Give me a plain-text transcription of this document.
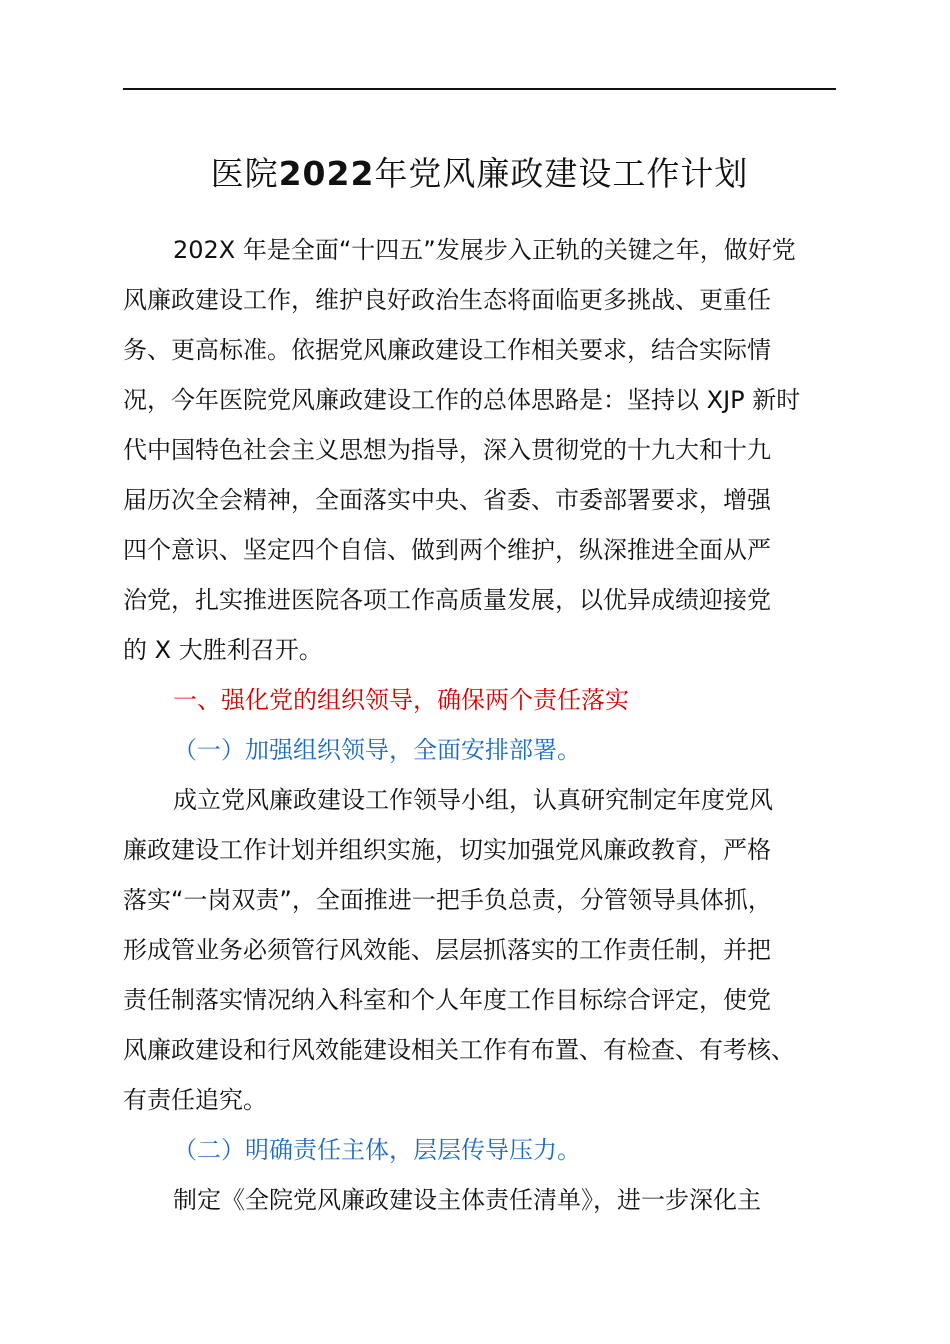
医院2022年党风廉政建设工作计划
202X 年是全面“十四五”发展步入正轨的关键之年，做好党
风廉政建设工作，维护良好政治生态将面临更多挑战、更重任
务、更高标准。依据党风廉政建设工作相关要求，结合实际情
况，今年医院党风廉政建设工作的总体思路是：坚持以 XJP 新时
代中国特色社会主义思想为指导，深入贯彻党的十九大和十九
届历次全会精神，全面落实中央、省委、市委部署要求，增强
四个意识、坚定四个自信、做到两个维护，纵深推进全面从严
治党，扎实推进医院各项工作高质量发展，以优异成绩迎接党
的 X 大胜利召开。
一、强化党的组织领导，确保两个责任落实
（一）加强组织领导，全面安排部署。
成立党风廉政建设工作领导小组，认真研究制定年度党风
廉政建设工作计划并组织实施，切实加强党风廉政教育，严格
落实“一岗双责”，全面推进一把手负总责，分管领导具体抓，
形成管业务必须管行风效能、层层抓落实的工作责任制，并把
责任制落实情况纳入科室和个人年度工作目标综合评定，使党
风廉政建设和行风效能建设相关工作有布置、有检查、有考核、
有责任追究。
（二）明确责任主体，层层传导压力。
制定《全院党风廉政建设主体责任清单》，进一步深化主
